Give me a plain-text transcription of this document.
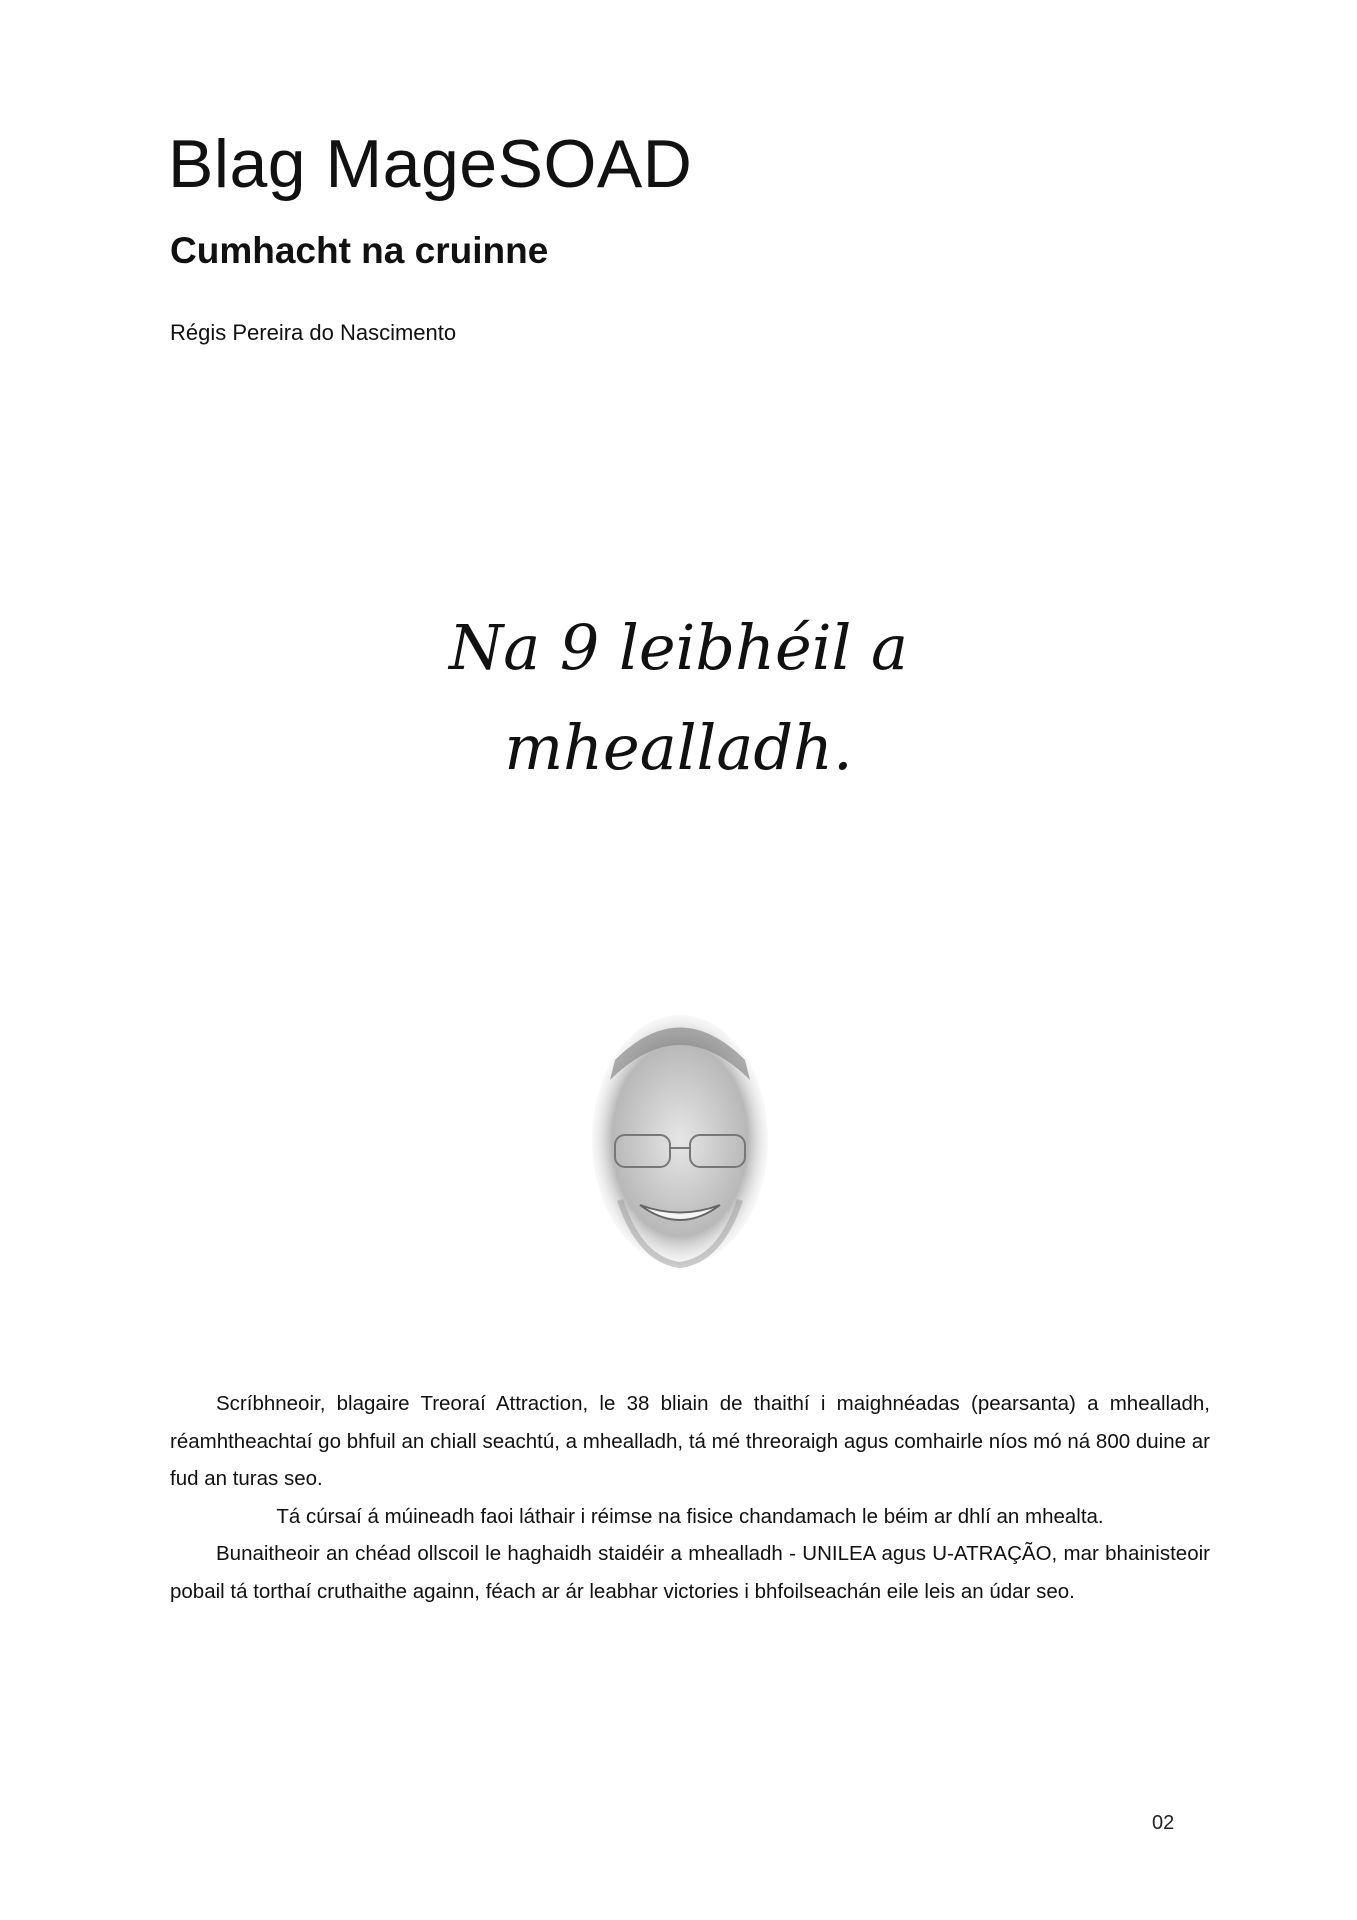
Blag MageSOAD
Cumhacht na cruinne
Régis Pereira do Nascimento
Na 9 leibhéil a
mhealladh.

Scríbhneoir, blagaire Treoraí Attraction, le 38 bliain de thaithí i maighnéadas (pearsanta) a mhealladh, réamhtheachtaí go bhfuil an chiall seachtú, a mhealladh, tá mé threoraigh agus comhairle níos mó ná 800 duine ar fud an turas seo.

Tá cúrsaí á múineadh faoi láthair i réimse na fisice chandamach le béim ar dhlí an mhealta.

Bunaitheoir an chéad ollscoil le haghaidh staidéir a mhealladh - UNILEA agus U-ATRAÇÃO, mar bhainisteoir pobail tá torthaí cruthaithe againn, féach ar ár leabhar victories i bhfoilseachán eile leis an údar seo.

02
